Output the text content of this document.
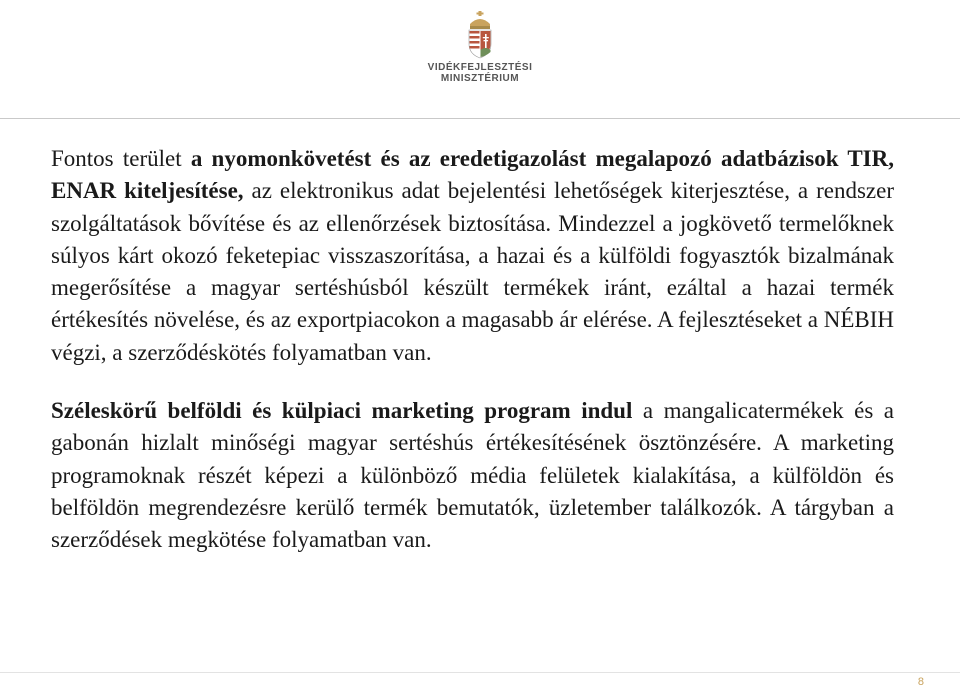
VIDÉKFEJLESZTÉSI
MINISZTÉRIUM

Fontos terület a nyomonkövetést és az eredetigazolást megalapozó adatbázisok TIR, ENAR kiteljesítése, az elektronikus adat bejelentési lehetőségek kiterjesztése, a rendszer szolgáltatások bővítése és az ellenőrzések biztosítása. Mindezzel a jogkövető termelőknek súlyos kárt okozó feketepiac visszaszorítása, a hazai és a külföldi fogyasztók bizalmának megerősítése a magyar sertéshúsból készült termékek iránt, ezáltal a hazai termék értékesítés növelése, és az exportpiacokon a magasabb ár elérése. A fejlesztéseket a NÉBIH végzi, a szerződéskötés folyamatban van.

Széleskörű belföldi és külpiaci marketing program indul a mangalicatermékek és a gabonán hizlalt minőségi magyar sertéshús értékesítésének ösztönzésére. A marketing programoknak részét képezi a különböző média felületek kialakítása, a külföldön és belföldön megrendezésre kerülő termék bemutatók, üzletember találkozók. A tárgyban a szerződések megkötése folyamatban van.

8
